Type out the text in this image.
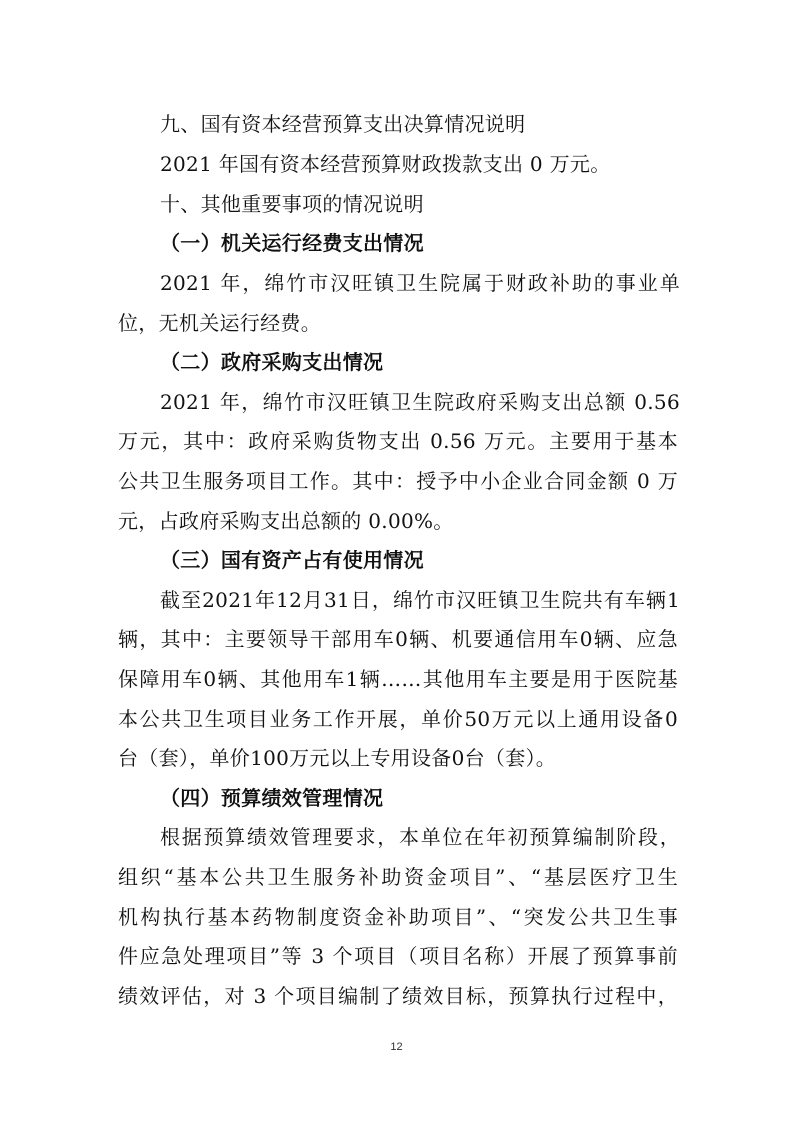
九、国有资本经营预算支出决算情况说明
2021 年国有资本经营预算财政拨款支出 0 万元。
十、其他重要事项的情况说明
（一）机关运行经费支出情况
2021 年，绵竹市汉旺镇卫生院属于财政补助的事业单
位，无机关运行经费。
（二）政府采购支出情况
2021 年，绵竹市汉旺镇卫生院政府采购支出总额 0.56
万元，其中：政府采购货物支出 0.56 万元。主要用于基本
公共卫生服务项目工作。其中：授予中小企业合同金额 0 万
元，占政府采购支出总额的 0.00%。
（三）国有资产占有使用情况
截至2021年12月31日，绵竹市汉旺镇卫生院共有车辆1
辆，其中：主要领导干部用车0辆、机要通信用车0辆、应急
保障用车0辆、其他用车1辆……其他用车主要是用于医院基
本公共卫生项目业务工作开展，单价50万元以上通用设备0
台（套），单价100万元以上专用设备0台（套）。
（四）预算绩效管理情况
根据预算绩效管理要求，本单位在年初预算编制阶段，
组织“基本公共卫生服务补助资金项目”、“基层医疗卫生
机构执行基本药物制度资金补助项目”、“突发公共卫生事
件应急处理项目”等 3 个项目（项目名称）开展了预算事前
绩效评估，对 3 个项目编制了绩效目标，预算执行过程中，
12
